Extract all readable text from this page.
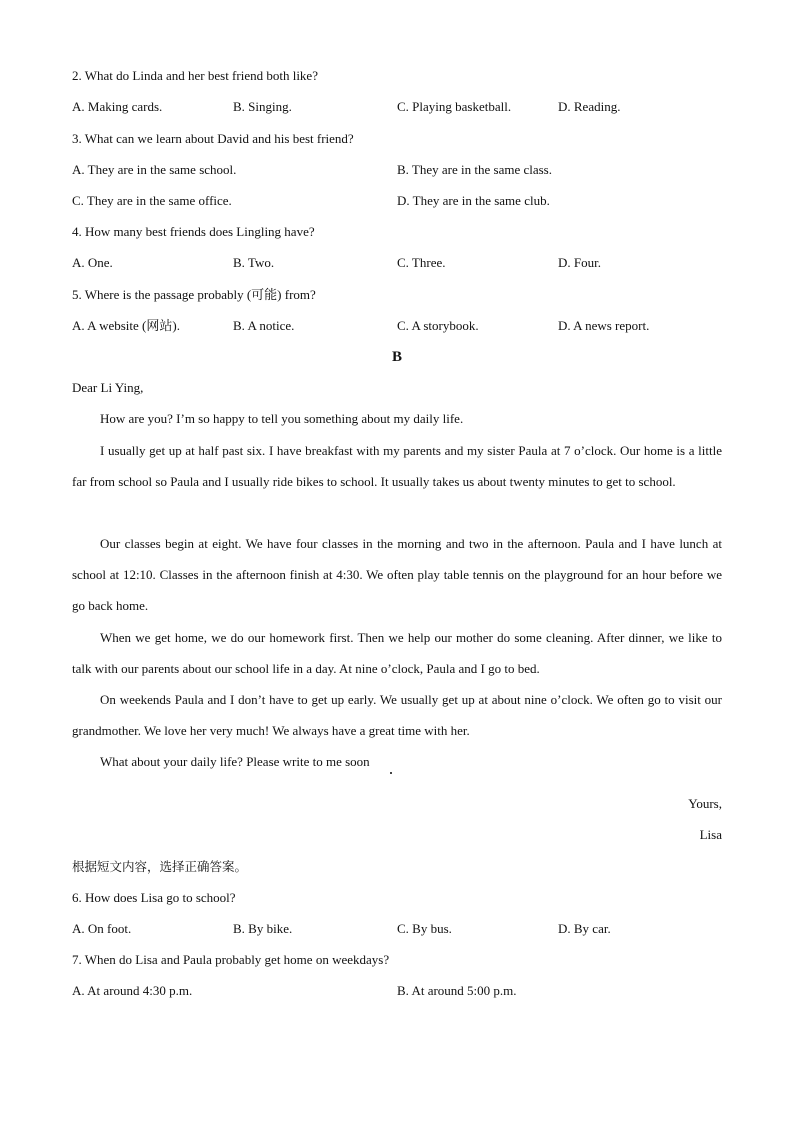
2. What do Linda and her best friend both like?
A. Making cards.	B. Singing.	C. Playing basketball.	D. Reading.
3. What can we learn about David and his best friend?
A. They are in the same school.	B. They are in the same class.
C. They are in the same office.	D. They are in the same club.
4. How many best friends does Lingling have?
A. One.	B. Two.	C. Three.	D. Four.
5. Where is the passage probably (可能) from?
A. A website (网站).	B. A notice.	C. A storybook.	D. A news report.
B
Dear Li Ying,

How are you? I’m so happy to tell you something about my daily life.

I usually get up at half past six. I have breakfast with my parents and my sister Paula at 7 o’clock. Our home is a little far from school so Paula and I usually ride bikes to school. It usually takes us about twenty minutes to get to school.

Our classes begin at eight. We have four classes in the morning and two in the afternoon. Paula and I have lunch at school at 12:10. Classes in the afternoon finish at 4:30. We often play table tennis on the playground for an hour before we go back home.

When we get home, we do our homework first. Then we help our mother do some cleaning. After dinner, we like to talk with our parents about our school life in a day. At nine o’clock, Paula and I go to bed.

On weekends Paula and I don’t have to get up early. We usually get up at about nine o’clock. We often go to visit our grandmother. We love her very much! We always have a great time with her.

What about your daily life? Please write to me soon

Yours,
Lisa
根据短文内容，选择正确答案。
6. How does Lisa go to school?
A. On foot.	B. By bike.	C. By bus.	D. By car.
7. When do Lisa and Paula probably get home on weekdays?
A. At around 4:30 p.m.	B. At around 5:00 p.m.
